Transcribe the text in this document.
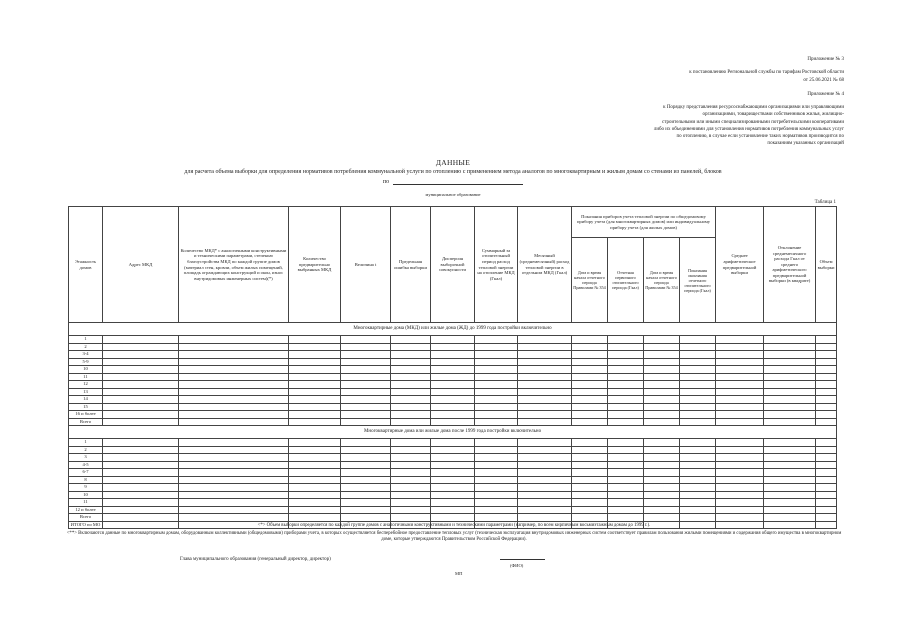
Приложение № 3
к постановлению Региональной службы по тарифам Ростовской области
от 25.06.2021 № 68
Приложение № 4
к Порядку представления ресурсоснабжающими организациями или управляющими
организациями, товариществами собственников жилья, жилищно-
строительными или иными специализированными потребительскими кооперативами
либо их объединениями для установления нормативов потребления коммунальных услуг
по отоплению, в случае если установление таких нормативов производится по
показаниям указанных организаций
ДАННЫЕ
для расчета объема выборки для определения нормативов потребления коммунальной услуги по отоплению с применением метода аналогов по многоквартирным и жилым домам со стенами из панелей, блоков
по
муниципальное образование
Таблица 1
Этажность домов	Адрес МКД	Количество МКД* с аналогичными конструктивными и техническими параметрами, степенью благоустройства МКД по каждой группе домов (материал стен, кровли, объем жилых помещений, площадь ограждающих конструкций и окон, износ внутридомовых инженерных систем)(*)	Количество предварительно выбранных МКД	Величина t	Предельная ошибка выборки	Дисперсия выборочной совокупности	Суммарный за отопительный период расход тепловой энергии на отопление МКД (Гкал)	Месячный (среднемесячный) расход тепловой энергии в отдельном МКД (Гкал)	Показания приборов учета тепловой энергии по общедомовому прибору учета (для многоквартирных домов) или индивидуальному прибору учета (для жилых домов)				Среднее арифметическое предварительной выборки	Отклонение среднемесячного расхода Гкал от среднего арифметического предварительной выборки (в квадрате)	Объем выборки
									Дата и время начала отчетного периода Правилами № 354	Отчетная первичного отопительного периода (Гкал)	Дата и время начала отчетного периода Правилами № 354	Показания окончания отчетного отопительного периода (Гкал)			
Многоквартирные дома (МКД) или жилые дома (ЖД) до 1999 года постройки включительно															
1															
2															
3-4															
5-9															
10															
11															
12															
13															
14															
15															
16 и более															
Всего															
Многоквартирные дома или жилые дома после 1999 года постройки включительно															
1															
2															
3															
4-5															
6-7															
8															
9															
10															
11															
12 и более															
Всего															
ИТОГО по МО																<*> Объем выборки определяется по каждой группе домов с аналогичными конструктивными и техническими параметрами (например, по всем кирпичным восьмиэтажным домам до 1999 г.).
<**> Включаются данные по многоквартирным домам, оборудованным коллективными (общедомовыми) приборами учета, в которых осуществляется бесперебойное предоставление тепловых услуг (техническая эксплуатация внутридомовых инженерных систем соответствует правилам пользования жилыми помещениями и содержания общего имущества в многоквартирном доме, которые утверждаются Правительством Российской Федерации).
Глава муниципального образования (генеральный директор, директор)
(ФИО)
МП
